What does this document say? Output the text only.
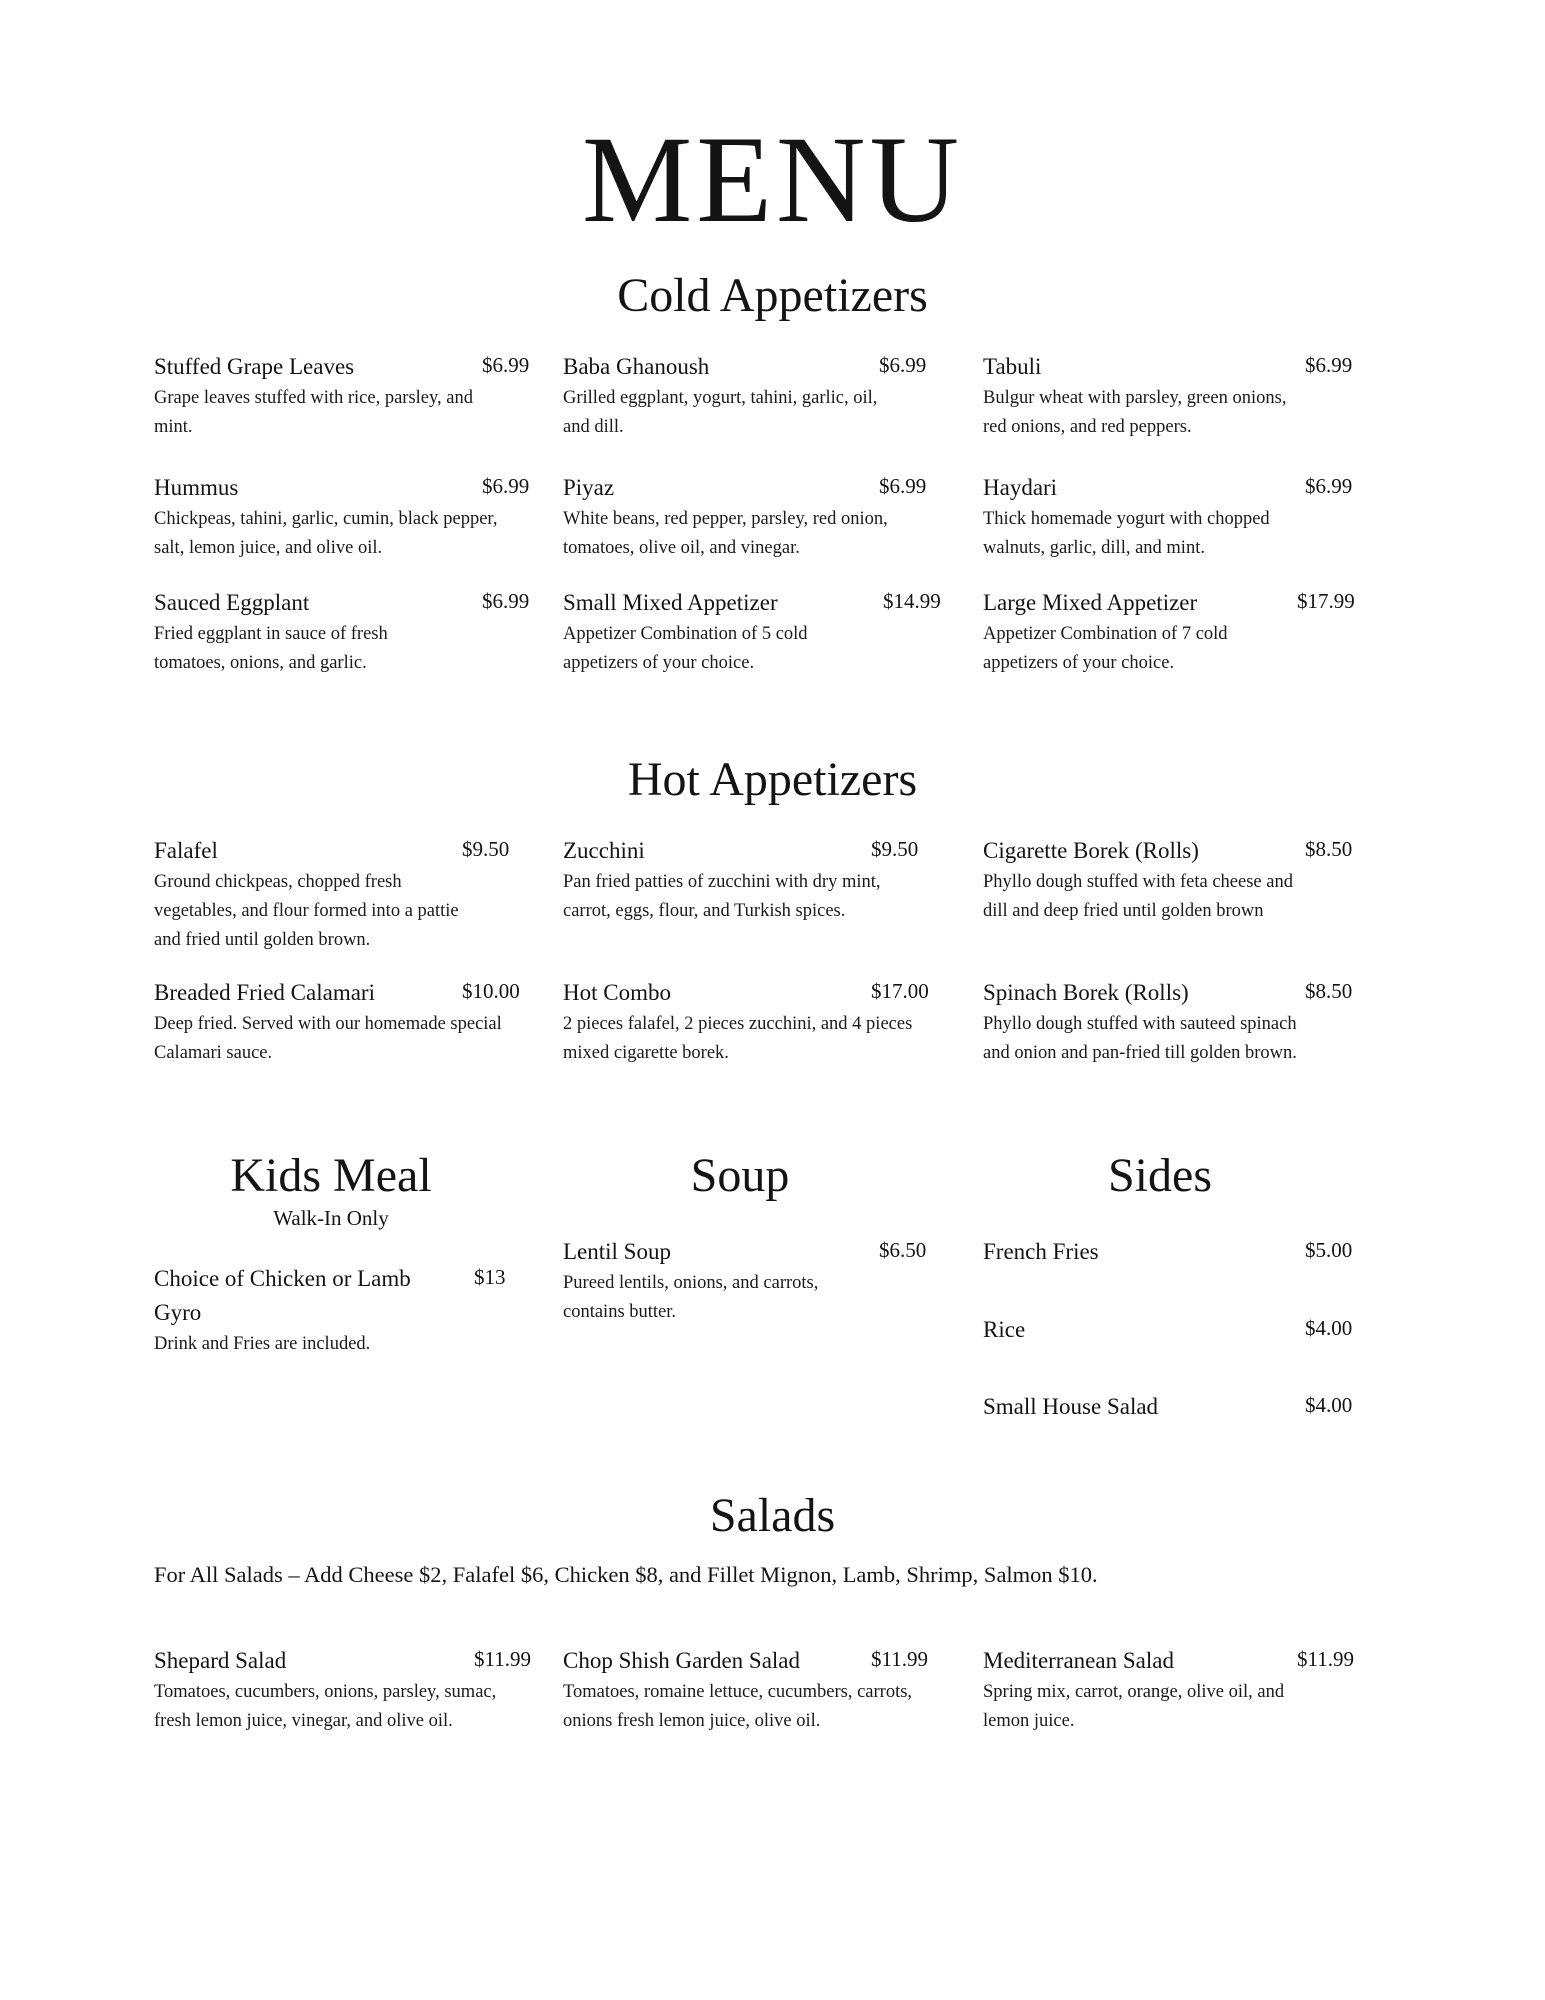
MENU
Cold Appetizers
Stuffed Grape Leaves	$6.99
Grape leaves stuffed with rice, parsley, and mint.
Baba Ghanoush	$6.99
Grilled eggplant, yogurt, tahini, garlic, oil, and dill.
Tabuli	$6.99
Bulgur wheat with parsley, green onions, red onions, and red peppers.
Hummus	$6.99
Chickpeas, tahini, garlic, cumin, black pepper, salt, lemon juice, and olive oil.
Piyaz	$6.99
White beans, red pepper, parsley, red onion, tomatoes, olive oil, and vinegar.
Haydari	$6.99
Thick homemade yogurt with chopped walnuts, garlic, dill, and mint.
Sauced Eggplant	$6.99
Fried eggplant in sauce of fresh tomatoes, onions, and garlic.
Small Mixed Appetizer	$14.99
Appetizer Combination of 5 cold appetizers of your choice.
Large Mixed Appetizer	$17.99
Appetizer Combination of 7 cold appetizers of your choice.
Hot Appetizers
Falafel	$9.50
Ground chickpeas, chopped fresh vegetables, and flour formed into a pattie and fried until golden brown.
Zucchini	$9.50
Pan fried patties of zucchini with dry mint, carrot, eggs, flour, and Turkish spices.
Cigarette Borek (Rolls)	$8.50
Phyllo dough stuffed with feta cheese and dill and deep fried until golden brown
Breaded Fried Calamari	$10.00
Deep fried. Served with our homemade special Calamari sauce.
Hot Combo	$17.00
2 pieces falafel, 2 pieces zucchini, and 4 pieces mixed cigarette borek.
Spinach Borek (Rolls)	$8.50
Phyllo dough stuffed with sauteed spinach and onion and pan-fried till golden brown.
Kids Meal
Walk-In Only
Choice of Chicken or Lamb Gyro
$13
Drink and Fries are included.
Soup
Lentil Soup	$6.50
Pureed lentils, onions, and carrots, contains butter.
Sides
French Fries	$5.00
Rice	$4.00
Small House Salad	$4.00
Salads
For All Salads – Add Cheese $2, Falafel $6, Chicken $8, and Fillet Mignon, Lamb, Shrimp, Salmon $10.
Shepard Salad	$11.99
Tomatoes, cucumbers, onions, parsley, sumac, fresh lemon juice, vinegar, and olive oil.
Chop Shish Garden Salad	$11.99
Tomatoes, romaine lettuce, cucumbers, carrots, onions fresh lemon juice, olive oil.
Mediterranean Salad	$11.99
Spring mix, carrot, orange, olive oil, and lemon juice.
